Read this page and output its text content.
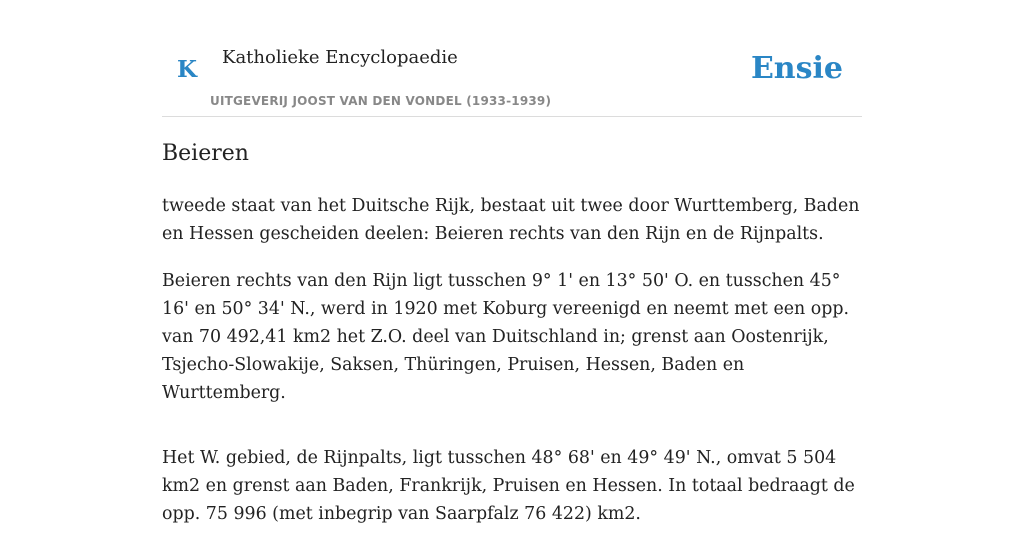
K Katholieke Encyclopaedie
UITGEVERIJ JOOST VAN DEN VONDEL (1933-1939)
Ensie
Beieren

tweede staat van het Duitsche Rijk, bestaat uit twee door Wurttemberg, Baden en Hessen gescheiden deelen: Beieren rechts van den Rijn en de Rijnpalts.

Beieren rechts van den Rijn ligt tusschen 9° 1' en 13° 50' O. en tusschen 45° 16' en 50° 34' N., werd in 1920 met Koburg vereenigd en neemt met een opp. van 70 492,41 km2 het Z.O. deel van Duitschland in; grenst aan Oostenrijk, Tsjecho-Slowakije, Saksen, Thüringen, Pruisen, Hessen, Baden en Wurttemberg.

Het W. gebied, de Rijnpalts, ligt tusschen 48° 68' en 49° 49' N., omvat 5 504 km2 en grenst aan Baden, Frankrijk, Pruisen en Hessen. In totaal bedraagt de opp. 75 996 (met inbegrip van Saarpfalz 76 422) km2.
